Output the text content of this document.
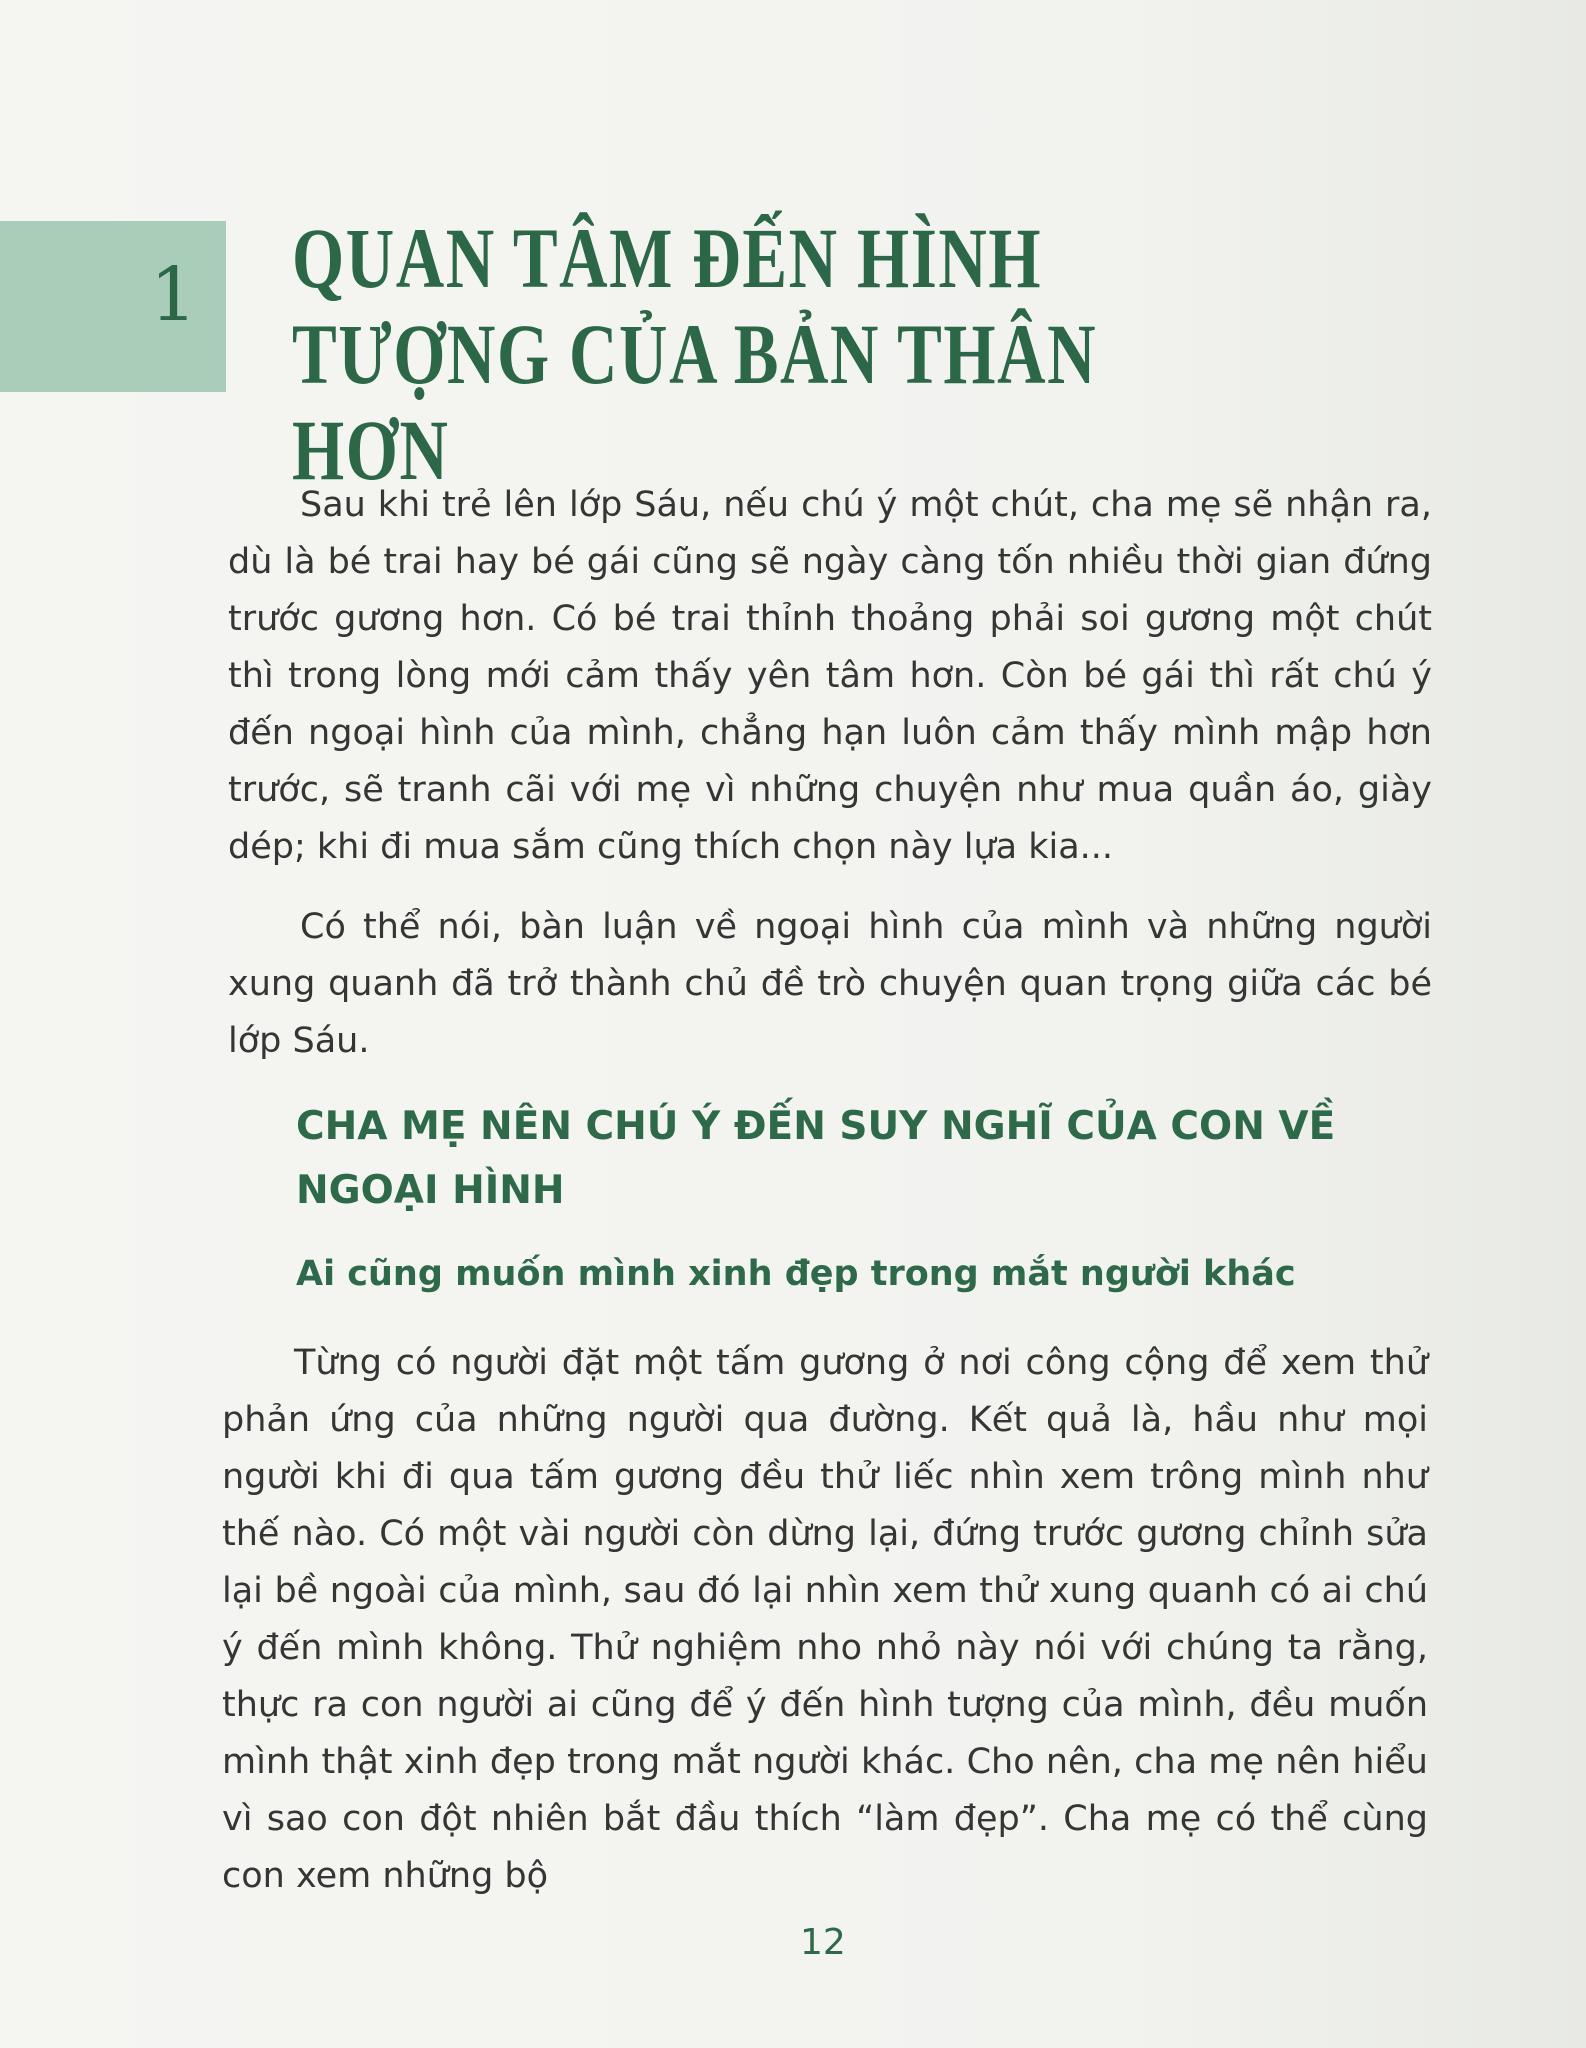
1 QUAN TÂM ĐẾN HÌNH TƯỢNG CỦA BẢN THÂN HƠN

Sau khi trẻ lên lớp Sáu, nếu chú ý một chút, cha mẹ sẽ nhận ra, dù là bé trai hay bé gái cũng sẽ ngày càng tốn nhiều thời gian đứng trước gương hơn. Có bé trai thỉnh thoảng phải soi gương một chút thì trong lòng mới cảm thấy yên tâm hơn. Còn bé gái thì rất chú ý đến ngoại hình của mình, chẳng hạn luôn cảm thấy mình mập hơn trước, sẽ tranh cãi với mẹ vì những chuyện như mua quần áo, giày dép; khi đi mua sắm cũng thích chọn này lựa kia...

Có thể nói, bàn luận về ngoại hình của mình và những người xung quanh đã trở thành chủ đề trò chuyện quan trọng giữa các bé lớp Sáu.

CHA MẸ NÊN CHÚ Ý ĐẾN SUY NGHĨ CỦA CON VỀ NGOẠI HÌNH
Ai cũng muốn mình xinh đẹp trong mắt người khác

Từng có người đặt một tấm gương ở nơi công cộng để xem thử phản ứng của những người qua đường. Kết quả là, hầu như mọi người khi đi qua tấm gương đều thử liếc nhìn xem trông mình như thế nào. Có một vài người còn dừng lại, đứng trước gương chỉnh sửa lại bề ngoài của mình, sau đó lại nhìn xem thử xung quanh có ai chú ý đến mình không. Thử nghiệm nho nhỏ này nói với chúng ta rằng, thực ra con người ai cũng để ý đến hình tượng của mình, đều muốn mình thật xinh đẹp trong mắt người khác. Cho nên, cha mẹ nên hiểu vì sao con đột nhiên bắt đầu thích “làm đẹp”. Cha mẹ có thể cùng con xem những bộ

12
